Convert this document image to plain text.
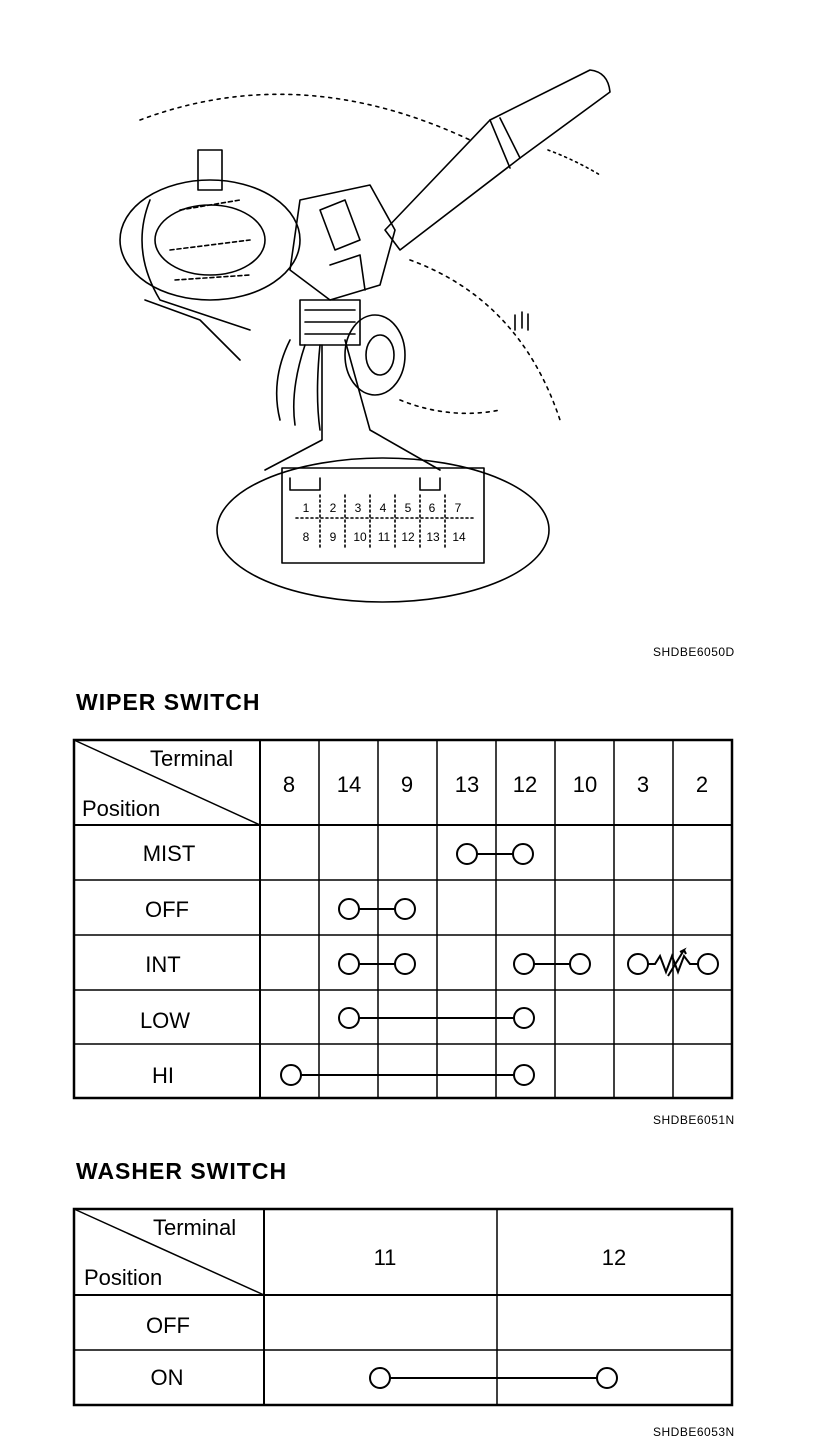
1 2 3 4 5 6 7
8 9 10 11 12 13 14
SHDBE6050D
WIPER SWITCH
Terminal
Position
8 14 9 13 12 10 3 2
MIST
OFF
INT
LOW
HI
SHDBE6051N
WASHER SWITCH
Terminal
Position
11	12
OFF
ON
SHDBE6053N
